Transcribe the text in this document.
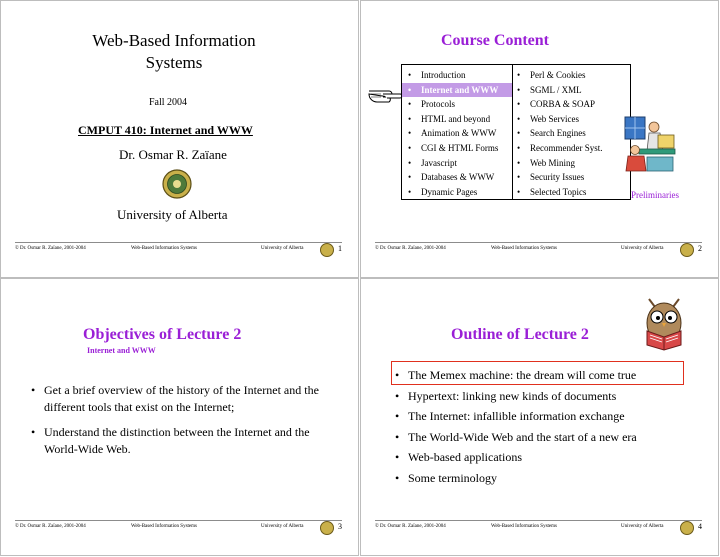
Web-Based Information Systems
Fall 2004
CMPUT 410: Internet and WWW
Dr. Osmar R. Zaïane
University of Alberta
© Dr. Osmar R. Zaïane, 2001-2004	Web-Based Information Systems	University of Alberta	1
Course Content
• Introduction
• Internet and WWW
• Protocols
• HTML and beyond
• Animation & WWW
• CGI & HTML Forms
• Javascript
• Databases & WWW
• Dynamic Pages
• Perl & Cookies
• SGML / XML
• CORBA & SOAP
• Web Services
• Search Engines
• Recommender Syst.
• Web Mining
• Security Issues
• Selected Topics	Preliminaries
© Dr. Osmar R. Zaïane, 2001-2004	Web-Based Information Systems	University of Alberta	2
Objectives of Lecture 2
Internet and WWW
• Get a brief overview of the history of the Internet and the different tools that exist on the Internet;
• Understand the distinction between the Internet and the World-Wide Web.
© Dr. Osmar R. Zaïane, 2001-2004	Web-Based Information Systems	University of Alberta	3
Outline of Lecture 2
• The Memex machine: the dream will come true
• Hypertext: linking new kinds of documents
• The Internet: infallible information exchange
• The World-Wide Web and the start of a new era
• Web-based applications
• Some terminology
© Dr. Osmar R. Zaïane, 2001-2004	Web-Based Information Systems	University of Alberta	4
